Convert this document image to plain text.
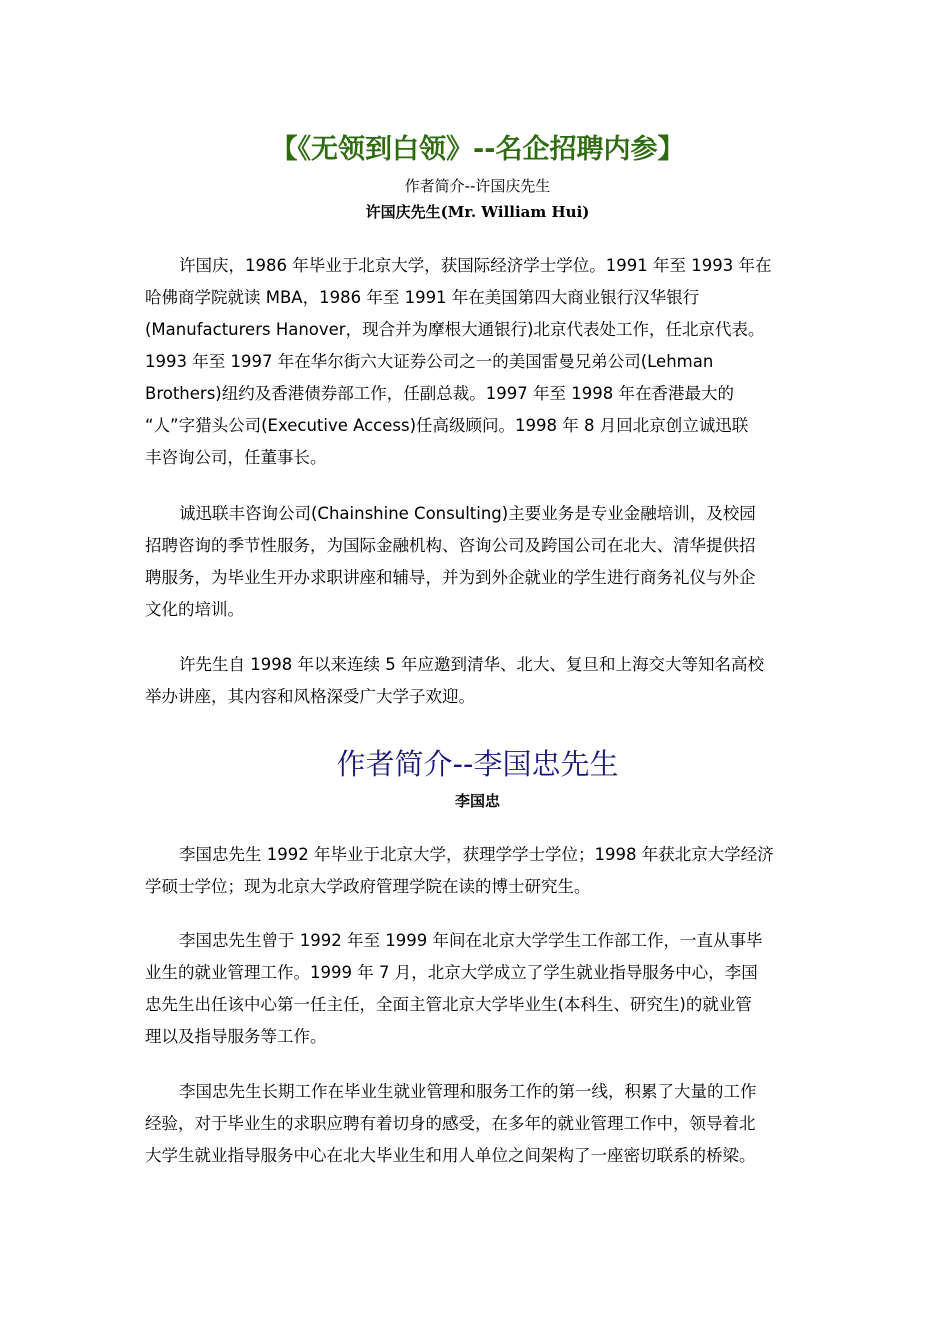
【《无领到白领》--名企招聘内参】
作者简介--许国庆先生
许国庆先生(Mr. William Hui)

许国庆，1986 年毕业于北京大学，获国际经济学士学位。1991 年至 1993 年在
哈佛商学院就读 MBA，1986 年至 1991 年在美国第四大商业银行汉华银行
(Manufacturers Hanover，现合并为摩根大通银行)北京代表处工作，任北京代表。
1993 年至 1997 年在华尔街六大证券公司之一的美国雷曼兄弟公司(Lehman
Brothers)纽约及香港债券部工作，任副总裁。1997 年至 1998 年在香港最大的
“人”字猎头公司(Executive Access)任高级顾问。1998 年 8 月回北京创立诚迅联
丰咨询公司，任董事长。

诚迅联丰咨询公司(Chainshine Consulting)主要业务是专业金融培训，及校园
招聘咨询的季节性服务，为国际金融机构、咨询公司及跨国公司在北大、清华提供招
聘服务，为毕业生开办求职讲座和辅导，并为到外企就业的学生进行商务礼仪与外企
文化的培训。

许先生自 1998 年以来连续 5 年应邀到清华、北大、复旦和上海交大等知名高校
举办讲座，其内容和风格深受广大学子欢迎。

作者简介--李国忠先生
李国忠

李国忠先生 1992 年毕业于北京大学，获理学学士学位；1998 年获北京大学经济
学硕士学位；现为北京大学政府管理学院在读的博士研究生。

李国忠先生曾于 1992 年至 1999 年间在北京大学学生工作部工作，一直从事毕
业生的就业管理工作。1999 年 7 月，北京大学成立了学生就业指导服务中心，李国
忠先生出任该中心第一任主任，全面主管北京大学毕业生(本科生、研究生)的就业管
理以及指导服务等工作。

李国忠先生长期工作在毕业生就业管理和服务工作的第一线，积累了大量的工作
经验，对于毕业生的求职应聘有着切身的感受，在多年的就业管理工作中，领导着北
大学生就业指导服务中心在北大毕业生和用人单位之间架构了一座密切联系的桥梁。
